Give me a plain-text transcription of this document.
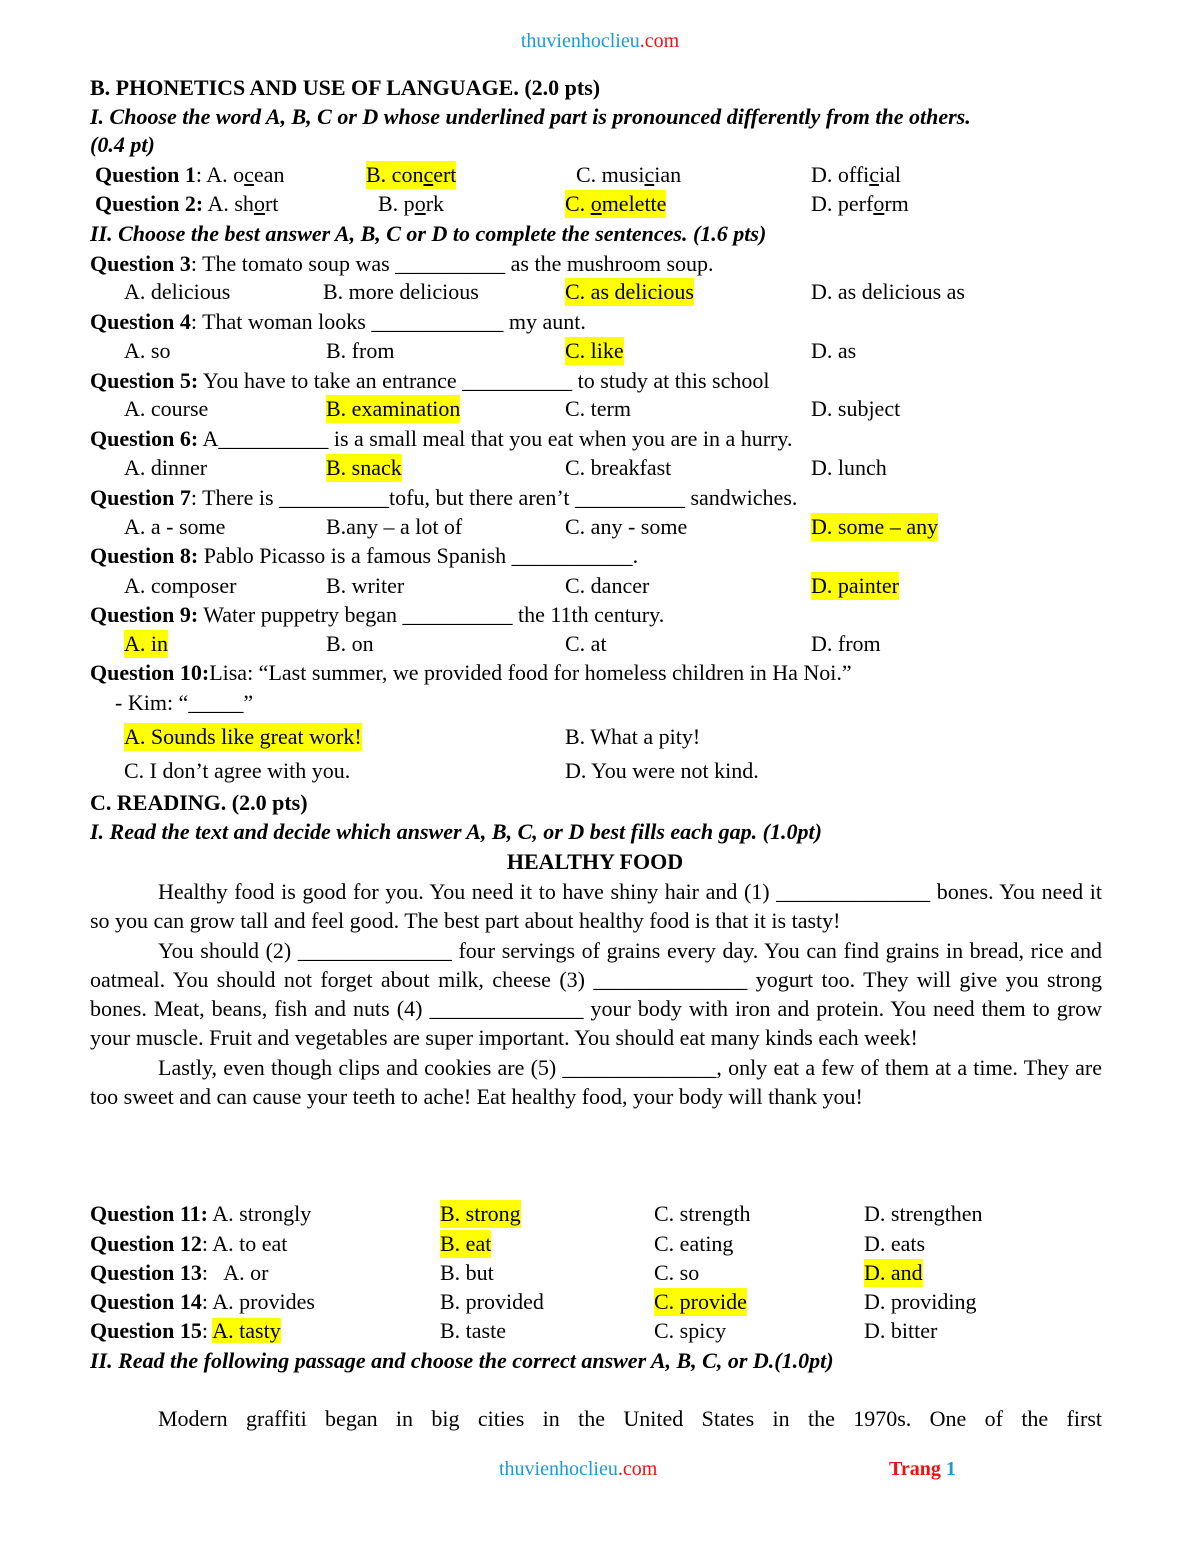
thuvienhoclieu.com
B. PHONETICS AND USE OF LANGUAGE. (2.0 pts)
I. Choose the word A, B, C or D whose underlined part is pronounced differently from the others.
(0.4 pt)
Question 1: A. ocean	B. concert	C. musician	D. official
Question 2: A. short	B. pork	C. omelette	D. perform
II. Choose the best answer A, B, C or D to complete the sentences. (1.6 pts)
Question 3: The tomato soup was __________ as the mushroom soup.
A. delicious	B. more delicious	C. as delicious	D. as delicious as
Question 4: That woman looks ____________ my aunt.
A. so	B. from	C. like	D. as
Question 5: You have to take an entrance __________ to study at this school
A. course	B. examination	C. term	D. subject
Question 6: A__________ is a small meal that you eat when you are in a hurry.
A. dinner	B. snack	C. breakfast	D. lunch
Question 7: There is __________tofu, but there aren’t __________ sandwiches.
A. a - some	B.any – a lot of	C. any - some	D. some – any
Question 8: Pablo Picasso is a famous Spanish ___________.
A. composer	B. writer	C. dancer	D. painter
Question 9: Water puppetry began __________ the 11th century.
A. in	B. on	C. at	D. from
Question 10:Lisa: “Last summer, we provided food for homeless children in Ha Noi.”
- Kim: “_____”
A. Sounds like great work!	B. What a pity!
C. I don’t agree with you.	D. You were not kind.
C. READING. (2.0 pts)
I. Read the text and decide which answer A, B, C, or D best fills each gap. (1.0pt)
HEALTHY FOOD

Healthy food is good for you. You need it to have shiny hair and (1) ______________ bones. You need it so you can grow tall and feel good. The best part about healthy food is that it is tasty!

You should (2) ______________ four servings of grains every day. You can find grains in bread, rice and oatmeal. You should not forget about milk, cheese (3) ______________ yogurt too. They will give you strong bones. Meat, beans, fish and nuts (4) ______________ your body with iron and protein. You need them to grow your muscle. Fruit and vegetables are super important. You should eat many kinds each week!

Lastly, even though clips and cookies are (5) ______________, only eat a few of them at a time. They are too sweet and can cause your teeth to ache! Eat healthy food, your body will thank you!

Question 11: A. strongly	B. strong	C. strength	D. strengthen
Question 12: A. to eat	B. eat	C. eating	D. eats
Question 13:   A. or	B. but	C. so	D. and
Question 14: A. provides	B. provided	C. provide	D. providing
Question 15: A. tasty	B. taste	C. spicy	D. bitter
II. Read the following passage and choose the correct answer A, B, C, or D.(1.0pt)

Modern graffiti began in big cities in the United States in the 1970s. One of the first

thuvienhoclieu.com	Trang 1
